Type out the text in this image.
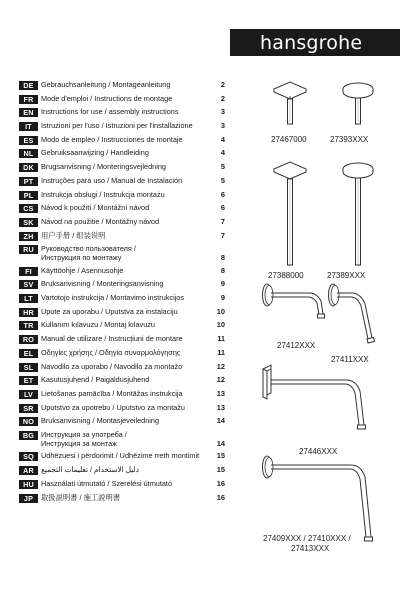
hansgrohe
DE	Gebrauchsanleitung / Montageanleitung	2
FR	Mode d'emploi / Instructions de montage	2
EN	Instructions for use / assembly instructions	3
IT	Istruzioni per l'uso / Istruzioni per l'installazione	3
ES	Modo de empleo / Instrucciones de montaje	4
NL	Gebruiksaanwijzing / Handleiding	4
DK Brugsanvisning / Monteringsvejledning	5
PT	Instruções para uso / Manual de Instalación	5
PL	Instrukcja obsługi / Instrukcja montażu	6
CS	Návod k použití / Montážní návod	6
SK	Návod na použitie / Montážny návod	7
ZH	用户手册 / 组装说明	7
RU Руководство пользователя /
Инструкция по монтажу	8
FI	Käyttöohje / Asennusohje	8
SV	Bruksanvisning / Monteringsanvisning	9
LT	Vartotojo instrukcija / Montavimo instrukcijos	9
HR Upute za uporabu / Uputstva za instalaciju	10
TR	Kullanım kılavuzu / Montaj kılavuzu	10
RO Manual de utilizare / Instrucțiuni de montare	11
EL	Οδηγίες χρήσης / Οδηγία συναρμολόγησης	11
SL	Navodilo za uporabo / Navodilo za montažo	12
ET	Kasutusjuhend / Paigaldusjuhend	12
LV	Lietošanas pamācība / Montāžas instrukcija	13
SR	Uputstvo za upotrebu / Uputstvo za montažu	13
NO Bruksanvisning / Montasjeveiledning	14
BG Инструкция за употреба /
Инструкция за монтаж	14
SQ Udhëzuesi i përdorimit / Udhëzime rreth montimit	15
AR دليل الاستخدام / تعليمات التجميع	15
HU Használati útmutató / Szerelési útmutató	16
JP	取扱説明書 / 施工説明書	16
27467000	27393XXX
27388000	27389XXX
27412XXX
27411XXX
27446XXX
27409XXX / 27410XXX /
27413XXX
